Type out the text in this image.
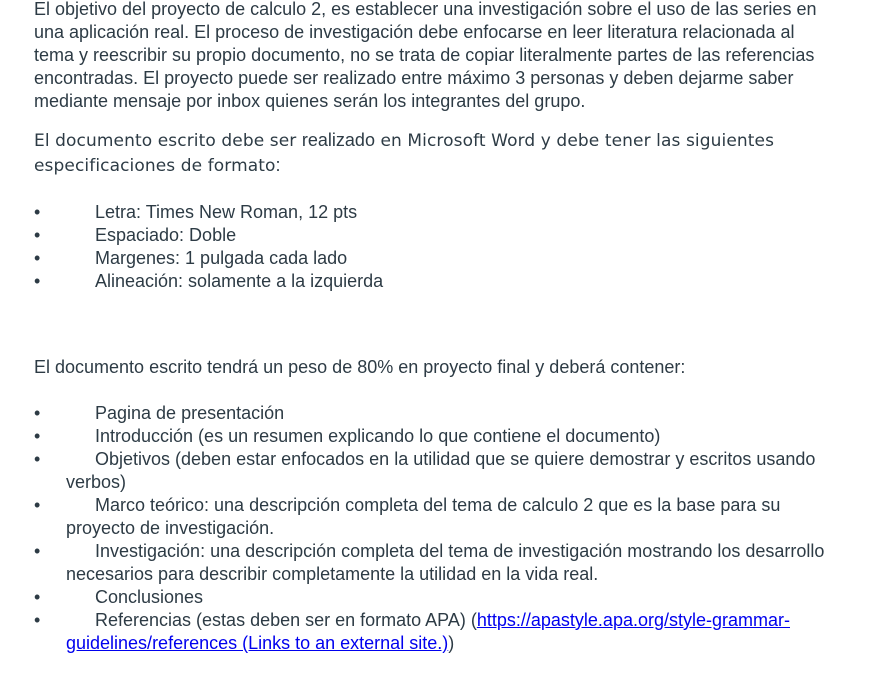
El objetivo del proyecto de calculo 2, es establecer una investigación sobre el uso de las series en una aplicación real. El proceso de investigación debe enfocarse en leer literatura relacionada al tema y reescribir su propio documento, no se trata de copiar literalmente partes de las referencias encontradas. El proyecto puede ser realizado entre máximo 3 personas y deben dejarme saber mediante mensaje por inbox quienes serán los integrantes del grupo.

El documento escrito debe ser realizado en Microsoft Word y debe tener las siguientes especificaciones de formato:

•	Letra: Times New Roman, 12 pts
•	Espaciado: Doble
•	Margenes: 1 pulgada cada lado
•	Alineación: solamente a la izquierda

El documento escrito tendrá un peso de 80% en proyecto final y deberá contener:

•	Pagina de presentación
•	Introducción (es un resumen explicando lo que contiene el documento)
•	Objetivos (deben estar enfocados en la utilidad que se quiere demostrar y escritos usando verbos)
•	Marco teórico: una descripción completa del tema de calculo 2 que es la base para su proyecto de investigación.
•	Investigación: una descripción completa del tema de investigación mostrando los desarrollo necesarios para describir completamente la utilidad en la vida real.
•	Conclusiones
•	Referencias (estas deben ser en formato APA) (https://apastyle.apa.org/style-grammar-guidelines/references (Links to an external site.))
